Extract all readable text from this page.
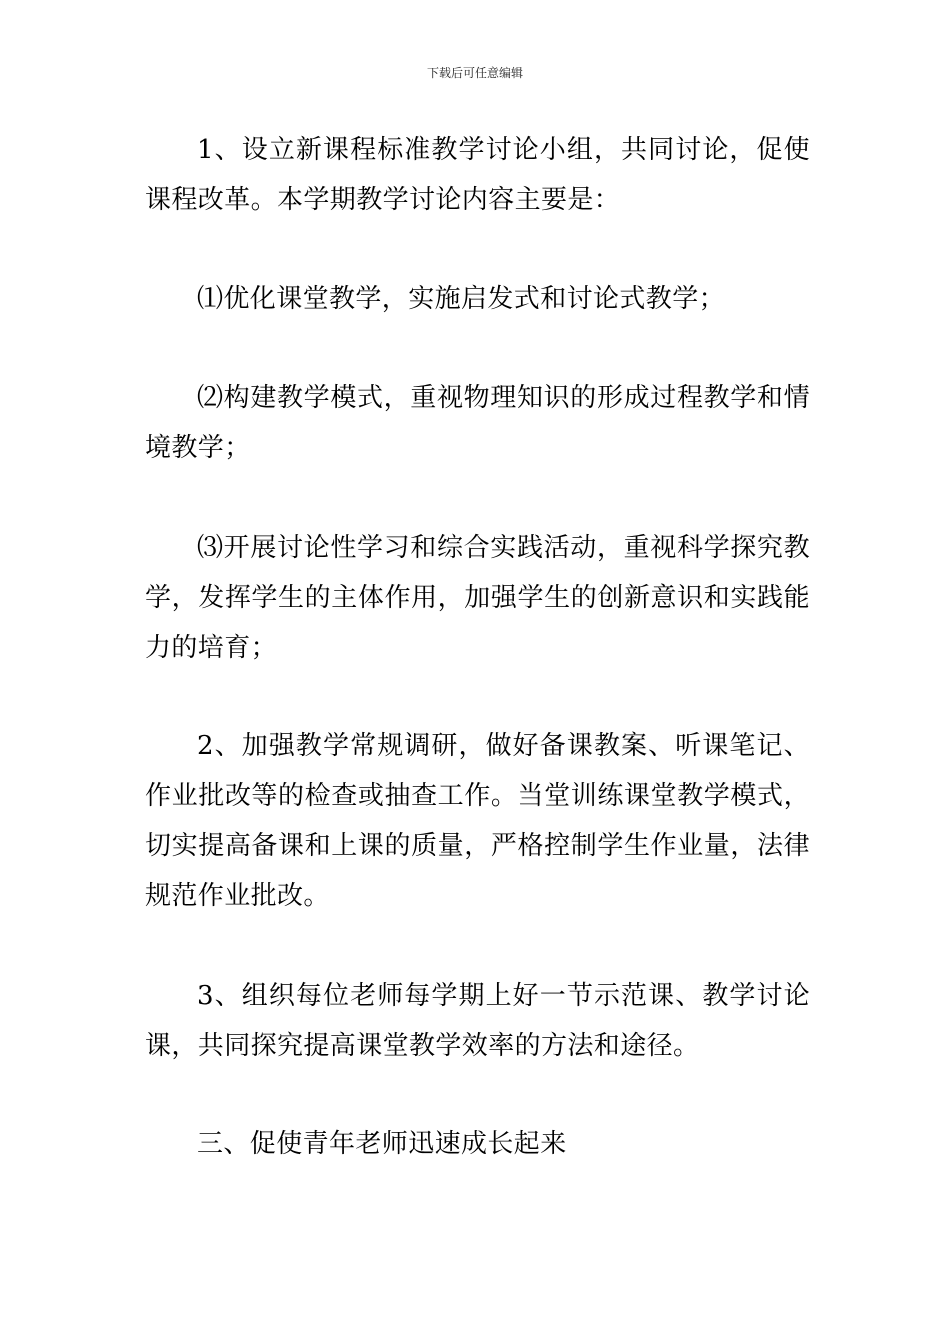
下载后可任意编辑

1、设立新课程标准教学讨论小组，共同讨论，促使课程改革。本学期教学讨论内容主要是：

⑴优化课堂教学，实施启发式和讨论式教学；

⑵构建教学模式，重视物理知识的形成过程教学和情境教学；

⑶开展讨论性学习和综合实践活动，重视科学探究教学，发挥学生的主体作用，加强学生的创新意识和实践能力的培育；

2、加强教学常规调研，做好备课教案、听课笔记、作业批改等的检查或抽查工作。当堂训练课堂教学模式，切实提高备课和上课的质量，严格控制学生作业量，法律规范作业批改。

3、组织每位老师每学期上好一节示范课、教学讨论课，共同探究提高课堂教学效率的方法和途径。

三、促使青年老师迅速成长起来
